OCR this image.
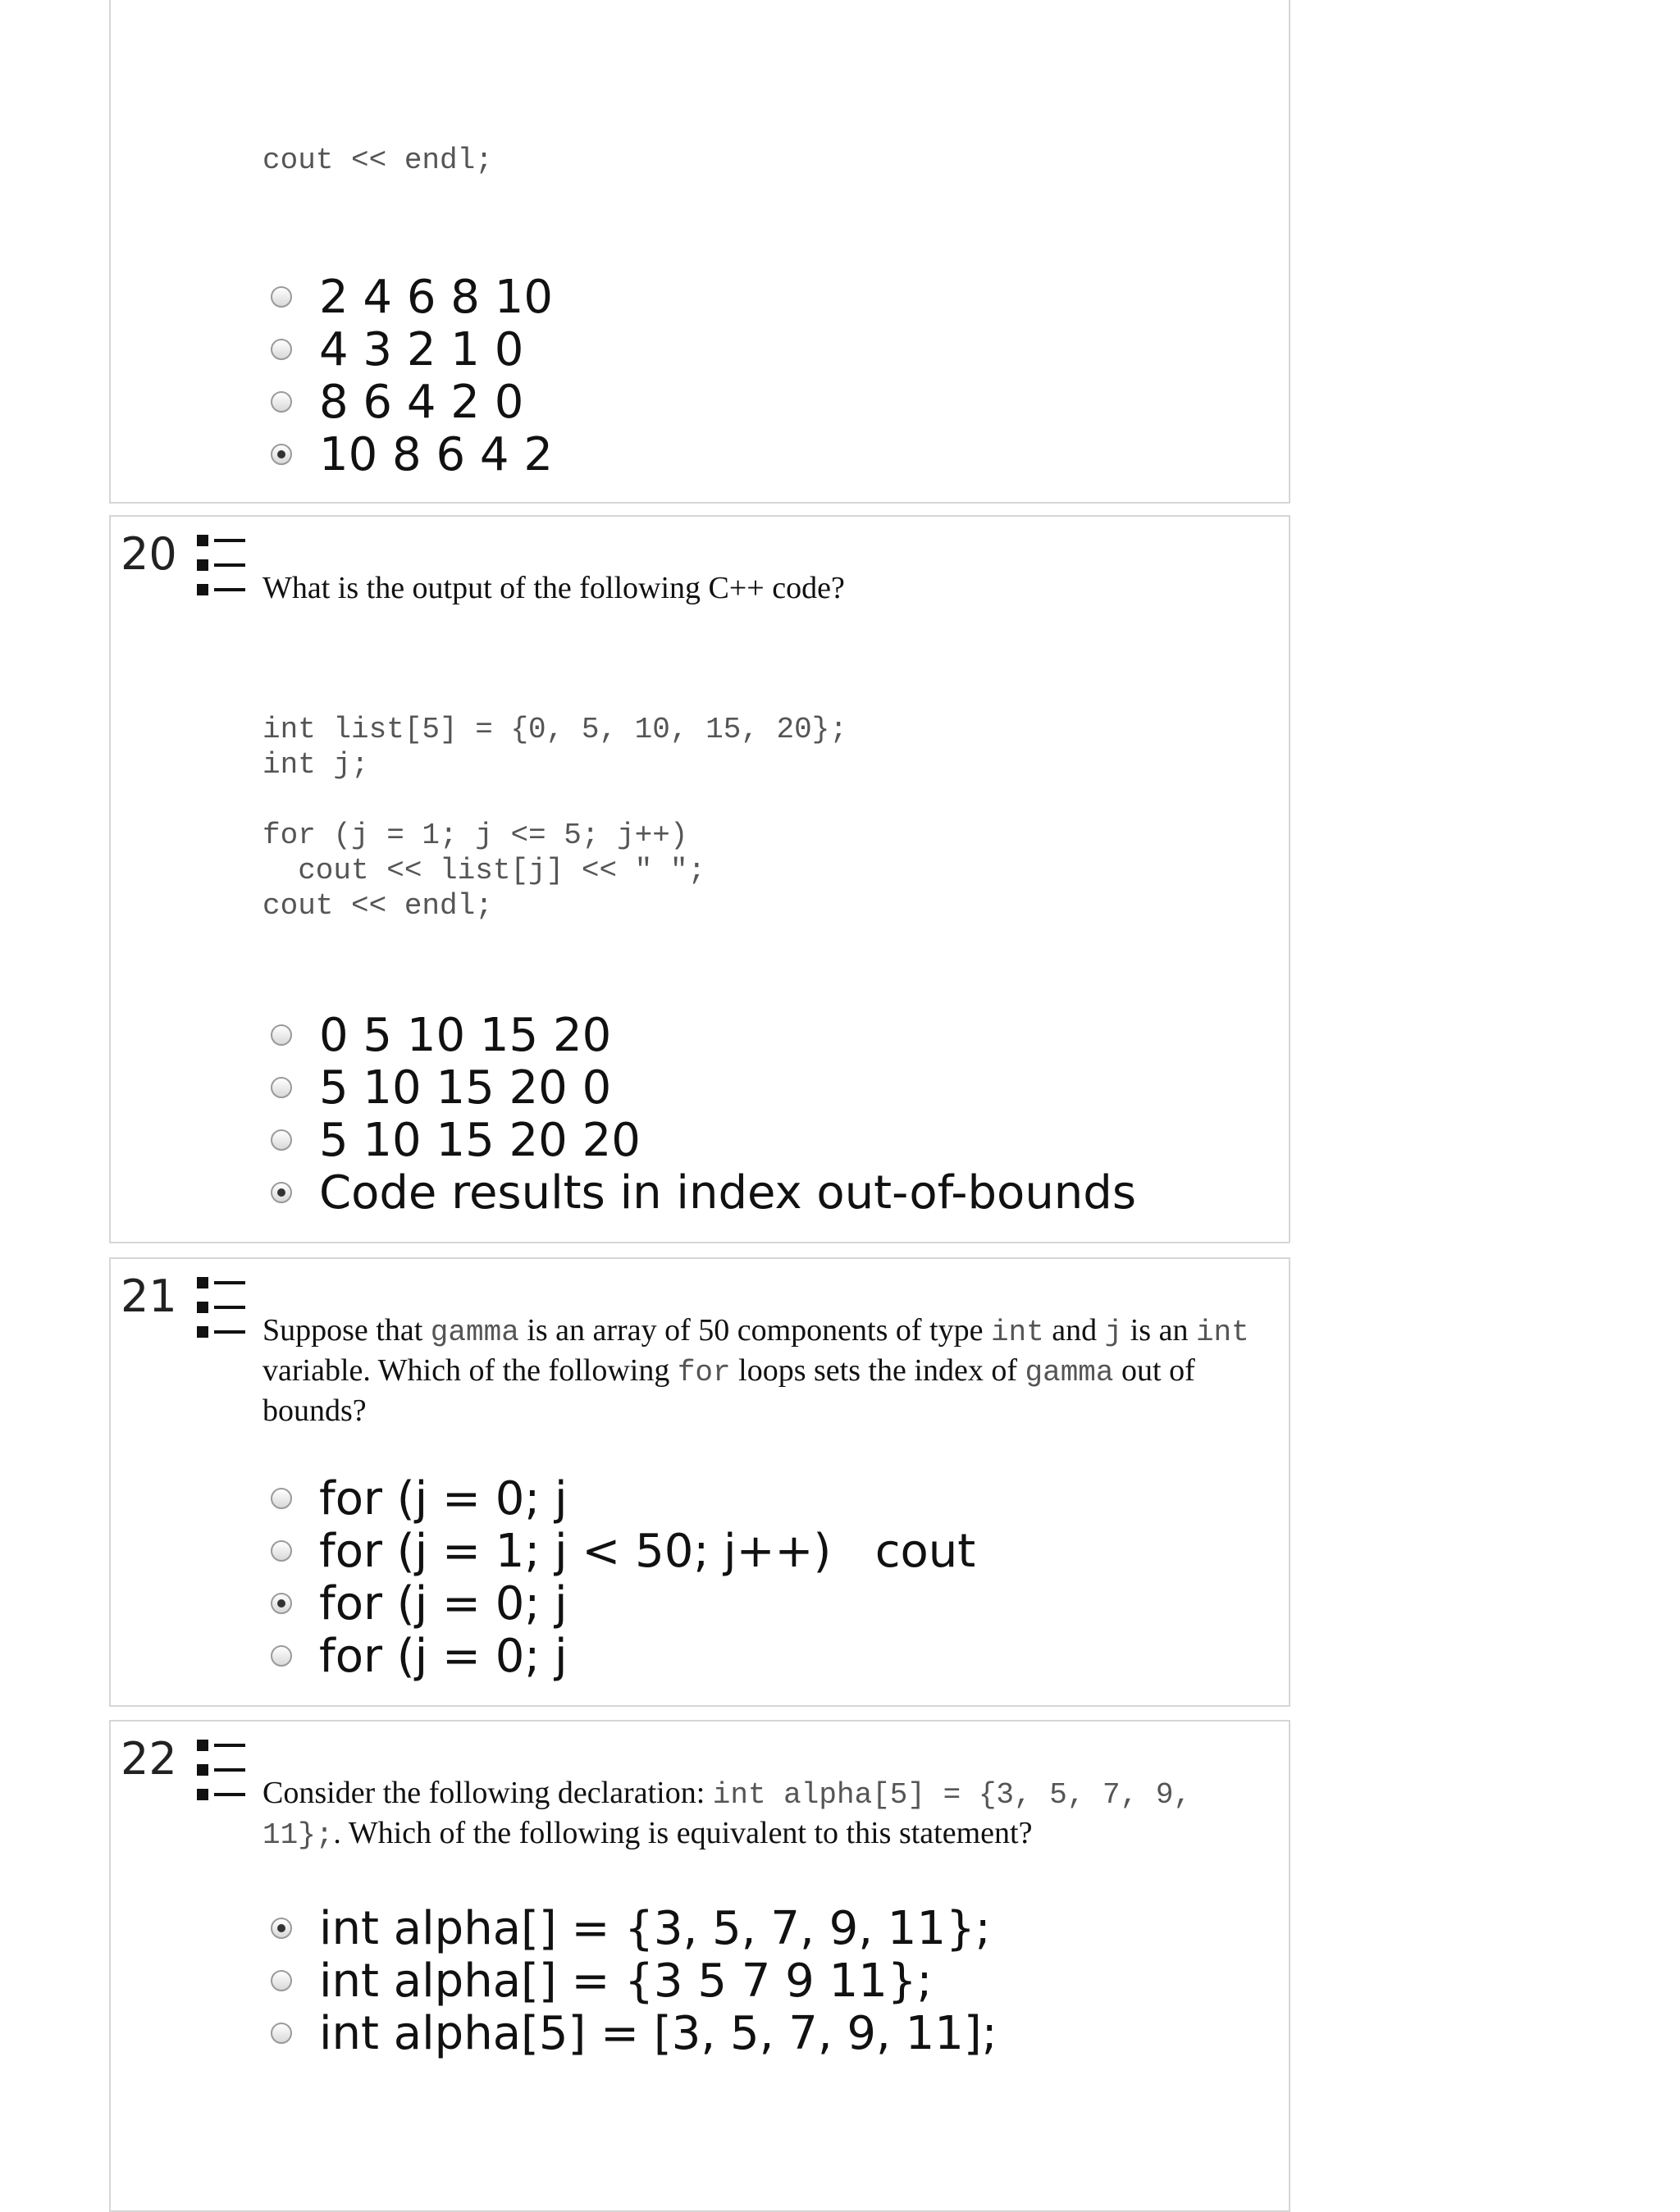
cout << endl;
2 4 6 8 10
4 3 2 1 0
8 6 4 2 0
10 8 6 4 2
20
What is the output of the following C++ code?
int list[5] = {0, 5, 10, 15, 20};
int j;

for (j = 1; j <= 5; j++)
cout << list[j] << " ";
cout << endl;
0 5 10 15 20
5 10 15 20 0
5 10 15 20 20
Code results in index out-of-bounds
21
Suppose that gamma is an array of 50 components of type int and j is an int variable. Which of the following for loops sets the index of gamma out of bounds?
for (j = 0; j
for (j = 1; j < 50; j++)   cout
for (j = 0; j
for (j = 0; j
22
Consider the following declaration: int alpha[5] = {3, 5, 7, 9, 11};. Which of the following is equivalent to this statement?
int alpha[] = {3, 5, 7, 9, 11};
int alpha[] = {3 5 7 9 11};
int alpha[5] = [3, 5, 7, 9, 11];
